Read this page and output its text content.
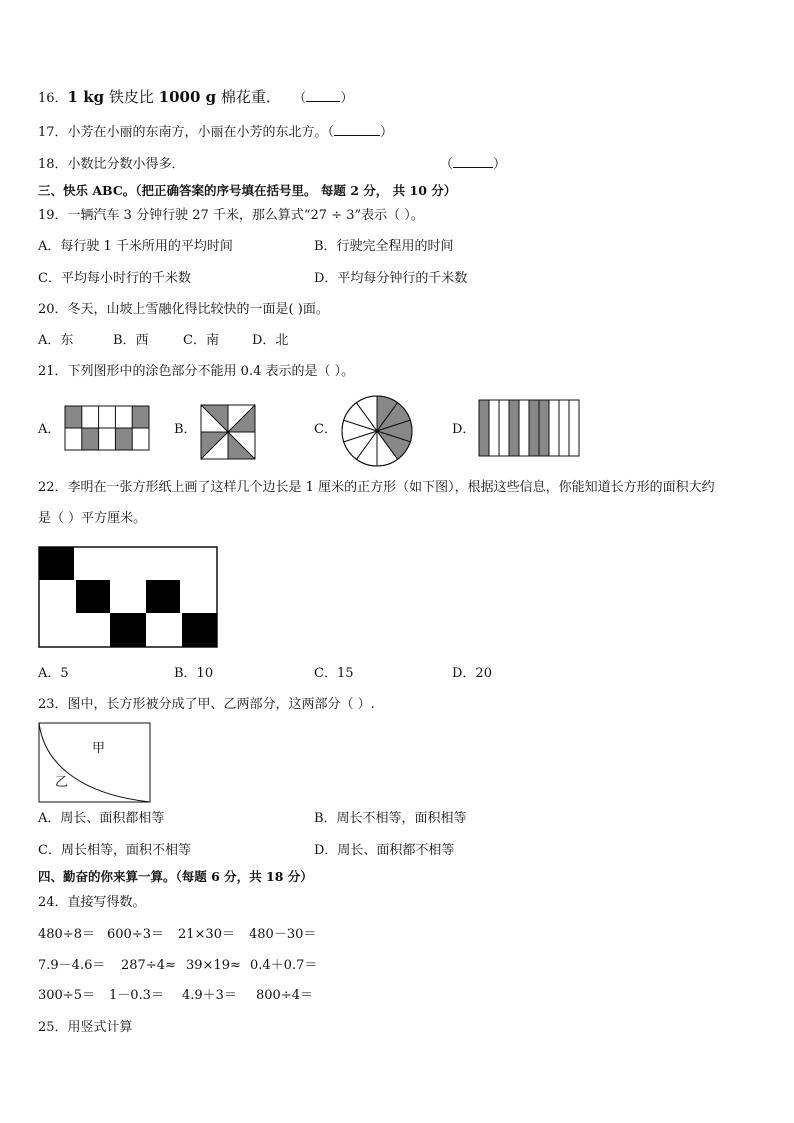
16．1 kg 铁皮比 1000 g 棉花重． （	）
17．小芳在小丽的东南方，小丽在小芳的东北方。（	）
18．小数比分数小得多．	（	）
三、快乐 ABC。（把正确答案的序号填在括号里。 每题 2 分， 共 10 分）
19．一辆汽车 3 分钟行驶 27 千米，那么算式“27 ÷ 3”表示（ ）。
A．每行驶 1 千米所用的平均时间	B．行驶完全程用的时间
C．平均每小时行的千米数	D．平均每分钟行的千米数
20．冬天，山坡上雪融化得比较快的一面是( )面。
A．东	B．西	C．南	D．北
21．下列图形中的涂色部分不能用 0.4 表示的是（ ）。
A．	B．	C．	D．
22．李明在一张方形纸上画了这样几个边长是 1 厘米的正方形（如下图），根据这些信息，你能知道长方形的面积大约
是（ ）平方厘米。
A．5	B．10	C．15	D．20
23．图中，长方形被分成了甲、乙两部分，这两部分（ ）.
甲
乙
A．周长、面积都相等	B．周长不相等，面积相等
C．周长相等，面积不相等	D．周长、面积都不相等
四、勤奋的你来算一算。（每题 6 分，共 18 分）
24．直接写得数。
480÷8＝ 600÷3＝ 21×30＝ 480－30＝
7.9－4.6＝ 287÷4≈ 39×19≈ 0.4＋0.7＝
300÷5＝ 1－0.3＝ 4.9＋3＝ 800÷4＝
25．用竖式计算
